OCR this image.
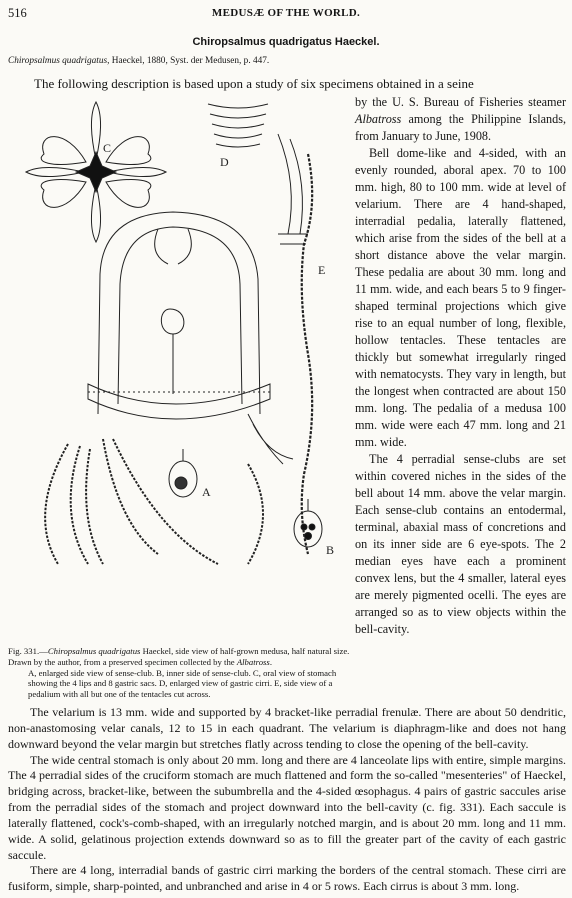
516	MEDUSÆ OF THE WORLD.
Chiropsalmus quadrigatus Haeckel.
Chiropsalmus quadrigatus, Haeckel, 1880, Syst. der Medusen, p. 447.
The following description is based upon a study of six specimens obtained in a seine
C
D
E
A
B

by the U. S. Bureau of Fisheries steamer Albatross among the Philippine Islands, from January to June, 1908.

Bell dome-like and 4-sided, with an evenly rounded, aboral apex. 70 to 100 mm. high, 80 to 100 mm. wide at level of velarium. There are 4 hand-shaped, interradial pedalia, laterally flattened, which arise from the sides of the bell at a short distance above the velar margin. These pedalia are about 30 mm. long and 11 mm. wide, and each bears 5 to 9 finger-shaped terminal projections which give rise to an equal number of long, flexible, hollow tentacles. These tentacles are thickly but somewhat irregularly ringed with nematocysts. They vary in length, but the longest when contracted are about 150 mm. long. The pedalia of a medusa 100 mm. wide were each 47 mm. long and 21 mm. wide.

The 4 perradial sense-clubs are set within covered niches in the sides of the bell about 14 mm. above the velar margin. Each sense-club contains an entodermal, terminal, abaxial mass of concretions and on its inner side are 6 eye-spots. The 2 median eyes have each a prominent convex lens, but the 4 smaller, lateral eyes are merely pigmented ocelli. The eyes are arranged so as to view objects within the bell-cavity.

Fig. 331.—Chiropsalmus quadrigatus Haeckel, side view of half-grown medusa, half natural size. Drawn by the author, from a preserved specimen collected by the Albatross.

A, enlarged side view of sense-club. B, inner side of sense-club. C, oral view of stomach showing the 4 lips and 8 gastric sacs. D, enlarged view of gastric cirri. E, side view of a pedalium with all but one of the tentacles cut across.

The velarium is 13 mm. wide and supported by 4 bracket-like perradial frenulæ. There are about 50 dendritic, non-anastomosing velar canals, 12 to 15 in each quadrant. The velarium is diaphragm-like and does not hang downward beyond the velar margin but stretches flatly across tending to close the opening of the bell-cavity.

The wide central stomach is only about 20 mm. long and there are 4 lanceolate lips with entire, simple margins. The 4 perradial sides of the cruciform stomach are much flattened and form the so-called "mesenteries" of Haeckel, bridging across, bracket-like, between the subumbrella and the 4-sided œsophagus. 4 pairs of gastric saccules arise from the perradial sides of the stomach and project downward into the bell-cavity (c. fig. 331). Each saccule is laterally flattened, cock's-comb-shaped, with an irregularly notched margin, and is about 20 mm. long and 11 mm. wide. A solid, gelatinous projection extends downward so as to fill the greater part of the cavity of each gastric saccule.

There are 4 long, interradial bands of gastric cirri marking the borders of the central stomach. These cirri are fusiform, simple, sharp-pointed, and unbranched and arise in 4 or 5 rows. Each cirrus is about 3 mm. long.
